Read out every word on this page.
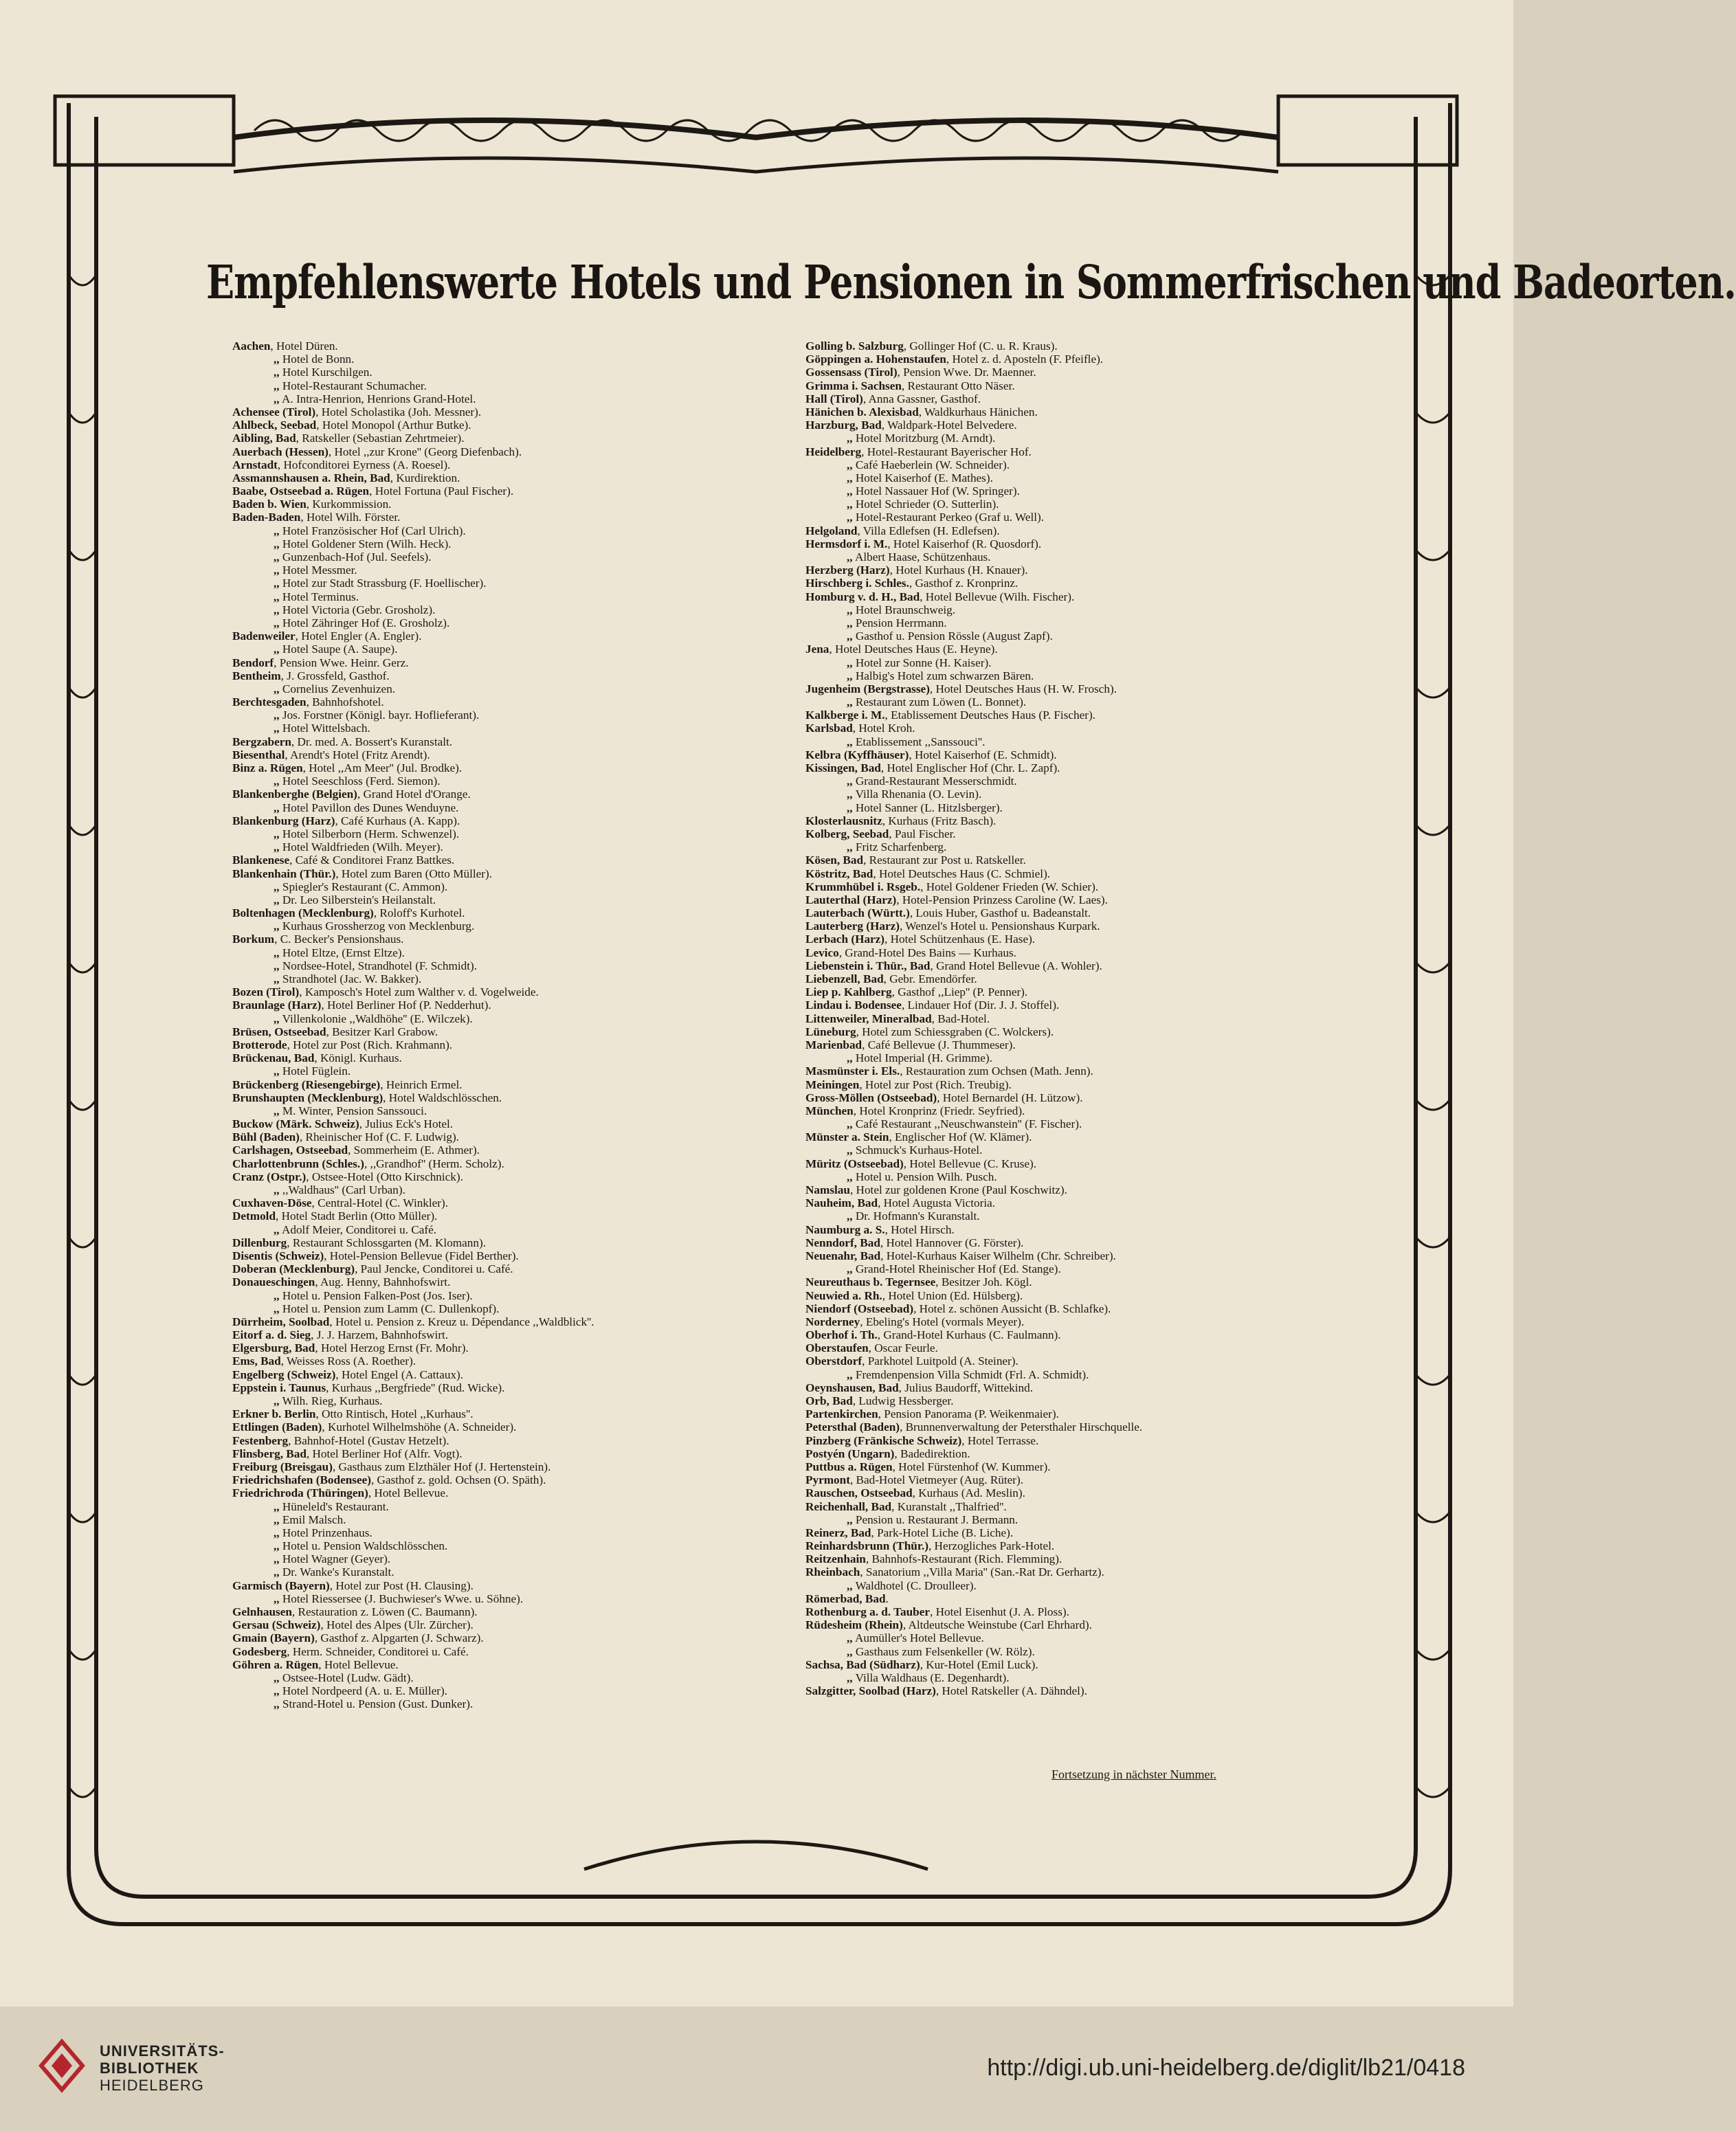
Empfehlenswerte Hotels und Pensionen in Sommerfrischen und Badeorten.
Aachen, Hotel Düren.
,, Hotel de Bonn.
,, Hotel Kurschilgen.
,, Hotel-Restaurant Schumacher.
,, A. Intra-Henrion, Henrions Grand-Hotel.
Achensee (Tirol), Hotel Scholastika (Joh. Messner).
Ahlbeck, Seebad, Hotel Monopol (Arthur Butke).
Aibling, Bad, Ratskeller (Sebastian Zehrtmeier).
Auerbach (Hessen), Hotel ,,zur Krone'' (Georg Diefenbach).
Arnstadt, Hofconditorei Eyrness (A. Roesel).
Assmannshausen a. Rhein, Bad, Kurdirektion.
Baabe, Ostseebad a. Rügen, Hotel Fortuna (Paul Fischer).
Baden b. Wien, Kurkommission.
Baden-Baden, Hotel Wilh. Förster.
,, Hotel Französischer Hof (Carl Ulrich).
,, Hotel Goldener Stern (Wilh. Heck).
,, Gunzenbach-Hof (Jul. Seefels).
,, Hotel Messmer.
,, Hotel zur Stadt Strassburg (F. Hoellischer).
,, Hotel Terminus.
,, Hotel Victoria (Gebr. Grosholz).
,, Hotel Zähringer Hof (E. Grosholz).
Badenweiler, Hotel Engler (A. Engler).
,, Hotel Saupe (A. Saupe).
Bendorf, Pension Wwe. Heinr. Gerz.
Bentheim, J. Grossfeld, Gasthof.
,, Cornelius Zevenhuizen.
Berchtesgaden, Bahnhofshotel.
,, Jos. Forstner (Königl. bayr. Hoflieferant).
,, Hotel Wittelsbach.
Bergzabern, Dr. med. A. Bossert's Kuranstalt.
Biesenthal, Arendt's Hotel (Fritz Arendt).
Binz a. Rügen, Hotel ,,Am Meer'' (Jul. Brodke).
,, Hotel Seeschloss (Ferd. Siemon).
Blankenberghe (Belgien), Grand Hotel d'Orange.
,, Hotel Pavillon des Dunes Wenduyne.
Blankenburg (Harz), Café Kurhaus (A. Kapp).
,, Hotel Silberborn (Herm. Schwenzel).
,, Hotel Waldfrieden (Wilh. Meyer).
Blankenese, Café & Conditorei Franz Battkes.
Blankenhain (Thür.), Hotel zum Baren (Otto Müller).
,, Spiegler's Restaurant (C. Ammon).
,, Dr. Leo Silberstein's Heilanstalt.
Boltenhagen (Mecklenburg), Roloff's Kurhotel.
,, Kurhaus Grossherzog von Mecklenburg.
Borkum, C. Becker's Pensionshaus.
,, Hotel Eltze, (Ernst Eltze).
,, Nordsee-Hotel, Strandhotel (F. Schmidt).
,, Strandhotel (Jac. W. Bakker).
Bozen (Tirol), Kamposch's Hotel zum Walther v. d. Vogelweide.
Braunlage (Harz), Hotel Berliner Hof (P. Nedderhut).
,, Villenkolonie ,,Waldhöhe'' (E. Wilczek).
Brüsen, Ostseebad, Besitzer Karl Grabow.
Brotterode, Hotel zur Post (Rich. Krahmann).
Brückenau, Bad, Königl. Kurhaus.
,, Hotel Füglein.
Brückenberg (Riesengebirge), Heinrich Ermel.
Brunshaupten (Mecklenburg), Hotel Waldschlösschen.
,, M. Winter, Pension Sanssouci.
Buckow (Märk. Schweiz), Julius Eck's Hotel.
Bühl (Baden), Rheinischer Hof (C. F. Ludwig).
Carlshagen, Ostseebad, Sommerheim (E. Athmer).
Charlottenbrunn (Schles.), ,,Grandhof'' (Herm. Scholz).
Cranz (Ostpr.), Ostsee-Hotel (Otto Kirschnick).
,, ,,Waldhaus'' (Carl Urban).
Cuxhaven-Döse, Central-Hotel (C. Winkler).
Detmold, Hotel Stadt Berlin (Otto Müller).
,, Adolf Meier, Conditorei u. Café.
Dillenburg, Restaurant Schlossgarten (M. Klomann).
Disentis (Schweiz), Hotel-Pension Bellevue (Fidel Berther).
Doberan (Mecklenburg), Paul Jencke, Conditorei u. Café.
Donaueschingen, Aug. Henny, Bahnhofswirt.
,, Hotel u. Pension Falken-Post (Jos. Iser).
,, Hotel u. Pension zum Lamm (C. Dullenkopf).
Dürrheim, Soolbad, Hotel u. Pension z. Kreuz u. Dépendance ,,Waldblick''.
Eitorf a. d. Sieg, J. J. Harzem, Bahnhofswirt.
Elgersburg, Bad, Hotel Herzog Ernst (Fr. Mohr).
Ems, Bad, Weisses Ross (A. Roether).
Engelberg (Schweiz), Hotel Engel (A. Cattaux).
Eppstein i. Taunus, Kurhaus ,,Bergfriede'' (Rud. Wicke).
,, Wilh. Rieg, Kurhaus.
Erkner b. Berlin, Otto Rintisch, Hotel ,,Kurhaus''.
Ettlingen (Baden), Kurhotel Wilhelmshöhe (A. Schneider).
Festenberg, Bahnhof-Hotel (Gustav Hetzelt).
Flinsberg, Bad, Hotel Berliner Hof (Alfr. Vogt).
Freiburg (Breisgau), Gasthaus zum Elzthäler Hof (J. Hertenstein).
Friedrichshafen (Bodensee), Gasthof z. gold. Ochsen (O. Späth).
Friedrichroda (Thüringen), Hotel Bellevue.
,, Hüneleld's Restaurant.
,, Emil Malsch.
,, Hotel Prinzenhaus.
,, Hotel u. Pension Waldschlösschen.
,, Hotel Wagner (Geyer).
,, Dr. Wanke's Kuranstalt.
Garmisch (Bayern), Hotel zur Post (H. Clausing).
,, Hotel Riessersee (J. Buchwieser's Wwe. u. Söhne).
Gelnhausen, Restauration z. Löwen (C. Baumann).
Gersau (Schweiz), Hotel des Alpes (Ulr. Zürcher).
Gmain (Bayern), Gasthof z. Alpgarten (J. Schwarz).
Godesberg, Herm. Schneider, Conditorei u. Café.
Göhren a. Rügen, Hotel Bellevue.
,, Ostsee-Hotel (Ludw. Gädt).
,, Hotel Nordpeerd (A. u. E. Müller).
,, Strand-Hotel u. Pension (Gust. Dunker).
Golling b. Salzburg, Gollinger Hof (C. u. R. Kraus).
Göppingen a. Hohenstaufen, Hotel z. d. Aposteln (F. Pfeifle).
Gossensass (Tirol), Pension Wwe. Dr. Maenner.
Grimma i. Sachsen, Restaurant Otto Näser.
Hall (Tirol), Anna Gassner, Gasthof.
Hänichen b. Alexisbad, Waldkurhaus Hänichen.
Harzburg, Bad, Waldpark-Hotel Belvedere.
,, Hotel Moritzburg (M. Arndt).
Heidelberg, Hotel-Restaurant Bayerischer Hof.
,, Café Haeberlein (W. Schneider).
,, Hotel Kaiserhof (E. Mathes).
,, Hotel Nassauer Hof (W. Springer).
,, Hotel Schrieder (O. Sutterlin).
,, Hotel-Restaurant Perkeo (Graf u. Well).
Helgoland, Villa Edlefsen (H. Edlefsen).
Hermsdorf i. M., Hotel Kaiserhof (R. Quosdorf).
,, Albert Haase, Schützenhaus.
Herzberg (Harz), Hotel Kurhaus (H. Knauer).
Hirschberg i. Schles., Gasthof z. Kronprinz.
Homburg v. d. H., Bad, Hotel Bellevue (Wilh. Fischer).
,, Hotel Braunschweig.
,, Pension Herrmann.
,, Gasthof u. Pension Rössle (August Zapf).
Jena, Hotel Deutsches Haus (E. Heyne).
,, Hotel zur Sonne (H. Kaiser).
,, Halbig's Hotel zum schwarzen Bären.
Jugenheim (Bergstrasse), Hotel Deutsches Haus (H. W. Frosch).
,, Restaurant zum Löwen (L. Bonnet).
Kalkberge i. M., Etablissement Deutsches Haus (P. Fischer).
Karlsbad, Hotel Kroh.
,, Etablissement ,,Sanssouci''.
Kelbra (Kyffhäuser), Hotel Kaiserhof (E. Schmidt).
Kissingen, Bad, Hotel Englischer Hof (Chr. L. Zapf).
,, Grand-Restaurant Messerschmidt.
,, Villa Rhenania (O. Levin).
,, Hotel Sanner (L. Hitzlsberger).
Klosterlausnitz, Kurhaus (Fritz Basch).
Kolberg, Seebad, Paul Fischer.
,, Fritz Scharfenberg.
Kösen, Bad, Restaurant zur Post u. Ratskeller.
Köstritz, Bad, Hotel Deutsches Haus (C. Schmiel).
Krummhübel i. Rsgeb., Hotel Goldener Frieden (W. Schier).
Lauterthal (Harz), Hotel-Pension Prinzess Caroline (W. Laes).
Lauterbach (Württ.), Louis Huber, Gasthof u. Badeanstalt.
Lauterberg (Harz), Wenzel's Hotel u. Pensionshaus Kurpark.
Lerbach (Harz), Hotel Schützenhaus (E. Hase).
Levico, Grand-Hotel Des Bains — Kurhaus.
Liebenstein i. Thür., Bad, Grand Hotel Bellevue (A. Wohler).
Liebenzell, Bad, Gebr. Emendörfer.
Liep p. Kahlberg, Gasthof ,,Liep'' (P. Penner).
Lindau i. Bodensee, Lindauer Hof (Dir. J. J. Stoffel).
Littenweiler, Mineralbad, Bad-Hotel.
Lüneburg, Hotel zum Schiessgraben (C. Wolckers).
Marienbad, Café Bellevue (J. Thummeser).
,, Hotel Imperial (H. Grimme).
Masmünster i. Els., Restauration zum Ochsen (Math. Jenn).
Meiningen, Hotel zur Post (Rich. Treubig).
Gross-Möllen (Ostseebad), Hotel Bernardel (H. Lützow).
München, Hotel Kronprinz (Friedr. Seyfried).
,, Café Restaurant ,,Neuschwanstein'' (F. Fischer).
Münster a. Stein, Englischer Hof (W. Klämer).
,, Schmuck's Kurhaus-Hotel.
Müritz (Ostseebad), Hotel Bellevue (C. Kruse).
,, Hotel u. Pension Wilh. Pusch.
Namslau, Hotel zur goldenen Krone (Paul Koschwitz).
Nauheim, Bad, Hotel Augusta Victoria.
,, Dr. Hofmann's Kuranstalt.
Naumburg a. S., Hotel Hirsch.
Nenndorf, Bad, Hotel Hannover (G. Förster).
Neuenahr, Bad, Hotel-Kurhaus Kaiser Wilhelm (Chr. Schreiber).
,, Grand-Hotel Rheinischer Hof (Ed. Stange).
Neureuthaus b. Tegernsee, Besitzer Joh. Kögl.
Neuwied a. Rh., Hotel Union (Ed. Hülsberg).
Niendorf (Ostseebad), Hotel z. schönen Aussicht (B. Schlafke).
Norderney, Ebeling's Hotel (vormals Meyer).
Oberhof i. Th., Grand-Hotel Kurhaus (C. Faulmann).
Oberstaufen, Oscar Feurle.
Oberstdorf, Parkhotel Luitpold (A. Steiner).
,, Fremdenpension Villa Schmidt (Frl. A. Schmidt).
Oeynshausen, Bad, Julius Baudorff, Wittekind.
Orb, Bad, Ludwig Hessberger.
Partenkirchen, Pension Panorama (P. Weikenmaier).
Petersthal (Baden), Brunnenverwaltung der Petersthaler Hirschquelle.
Pinzberg (Fränkische Schweiz), Hotel Terrasse.
Postyén (Ungarn), Badedirektion.
Puttbus a. Rügen, Hotel Fürstenhof (W. Kummer).
Pyrmont, Bad-Hotel Vietmeyer (Aug. Rüter).
Rauschen, Ostseebad, Kurhaus (Ad. Meslin).
Reichenhall, Bad, Kuranstalt ,,Thalfried''.
,, Pension u. Restaurant J. Bermann.
Reinerz, Bad, Park-Hotel Liche (B. Liche).
Reinhardsbrunn (Thür.), Herzogliches Park-Hotel.
Reitzenhain, Bahnhofs-Restaurant (Rich. Flemming).
Rheinbach, Sanatorium ,,Villa Maria'' (San.-Rat Dr. Gerhartz).
,, Waldhotel (C. Droulleer).
Römerbad, Bad.
Rothenburg a. d. Tauber, Hotel Eisenhut (J. A. Ploss).
Rüdesheim (Rhein), Altdeutsche Weinstube (Carl Ehrhard).
,, Aumüller's Hotel Bellevue.
,, Gasthaus zum Felsenkeller (W. Rölz).
Sachsa, Bad (Südharz), Kur-Hotel (Emil Luck).
,, Villa Waldhaus (E. Degenhardt).
Salzgitter, Soolbad (Harz), Hotel Ratskeller (A. Dähndel).
Fortsetzung in nächster Nummer.
UNIVERSITÄTS-
BIBLIOTHEK
HEIDELBERG
http://digi.ub.uni-heidelberg.de/diglit/lb21/0418
